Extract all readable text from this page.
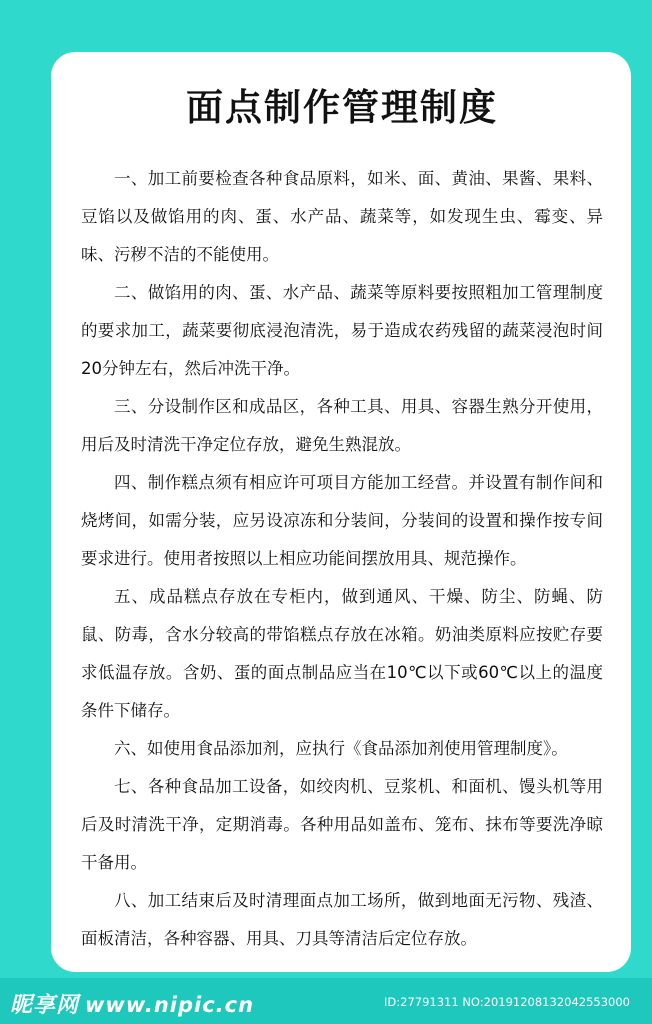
面点制作管理制度

一、加工前要检查各种食品原料，如米、面、黄油、果酱、果料、豆馅以及做馅用的肉、蛋、水产品、蔬菜等，如发现生虫、霉变、异味、污秽不洁的不能使用。

二、做馅用的肉、蛋、水产品、蔬菜等原料要按照粗加工管理制度的要求加工，蔬菜要彻底浸泡清洗，易于造成农药残留的蔬菜浸泡时间20分钟左右，然后冲洗干净。

三、分设制作区和成品区，各种工具、用具、容器生熟分开使用，用后及时清洗干净定位存放，避免生熟混放。

四、制作糕点须有相应许可项目方能加工经营。并设置有制作间和烧烤间，如需分装，应另设凉冻和分装间，分装间的设置和操作按专间要求进行。使用者按照以上相应功能间摆放用具、规范操作。

五、成品糕点存放在专柜内，做到通风、干燥、防尘、防蝇、防鼠、防毒，含水分较高的带馅糕点存放在冰箱。奶油类原料应按贮存要求低温存放。含奶、蛋的面点制品应当在10℃以下或60℃以上的温度条件下储存。

六、如使用食品添加剂，应执行《食品添加剂使用管理制度》。

七、各种食品加工设备，如绞肉机、豆浆机、和面机、馒头机等用后及时清洗干净，定期消毒。各种用品如盖布、笼布、抹布等要洗净晾干备用。

八、加工结束后及时清理面点加工场所，做到地面无污物、残渣、面板清洁，各种容器、用具、刀具等清洁后定位存放。

昵享网 www.nipic.cn	ID:27791311 NO:20191208132042553000
